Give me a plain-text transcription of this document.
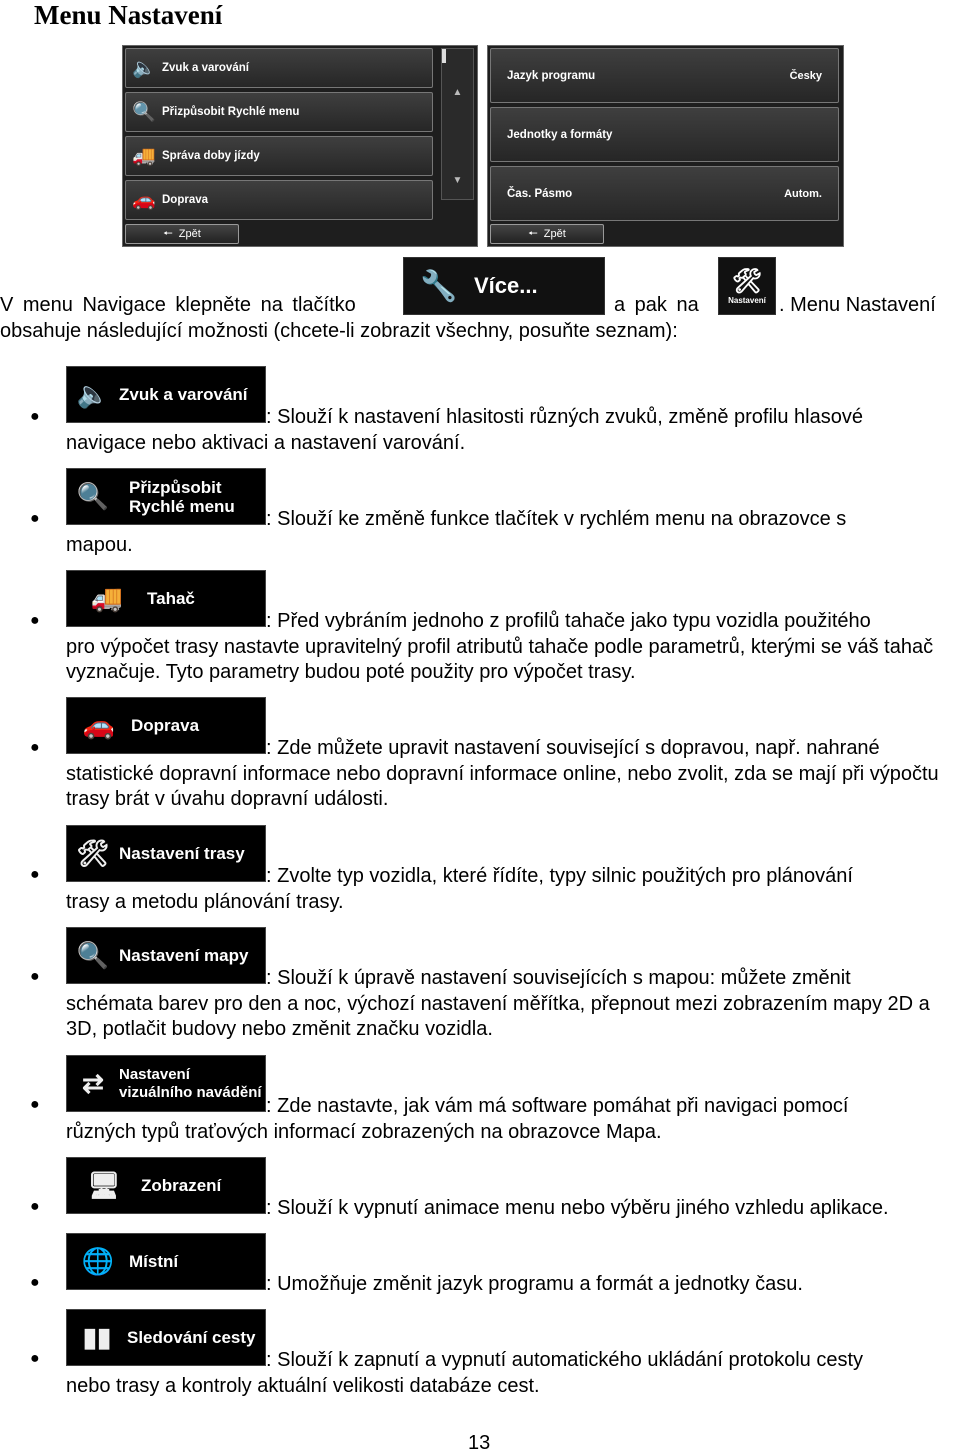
Menu Nastavení
🔈 Zvuk a varování
🔍 Přizpůsobit Rychlé menu
🚚 Správa doby jízdy
🚗 Doprava
▲
▼
🠔 Zpět
Jazyk programu	Česky
Jednotky a formáty
Čas. Pásmo	Autom.
🠔 Zpět
V menu Navigace klepněte na tlačítko	a pak na	. Menu Nastavení
🔧 Více...	🛠
Nastavení
obsahuje následující možnosti (chcete-li zobrazit všechny, posuňte seznam):
●
🔈 Zvuk a varování
: Slouží k nastavení hlasitosti různých zvuků, změně profilu hlasové
navigace nebo aktivaci a nastavení varování.
●
🔍	Přizpůsobit Rychlé menu
: Slouží ke změně funkce tlačítek v rychlém menu na obrazovce s
mapou.
●
🚚	Tahač
: Před vybráním jednoho z profilů tahače jako typu vozidla použitého
pro výpočet trasy nastavte upravitelný profil atributů tahače podle parametrů, kterými se váš tahač vyznačuje. Tyto parametry budou poté použity pro výpočet trasy.
●
🚗 Doprava
: Zde můžete upravit nastavení související s dopravou, např. nahrané
statistické dopravní informace nebo dopravní informace online, nebo zvolit, zda se mají při výpočtu trasy brát v úvahu dopravní události.
●
🛠 Nastavení trasy
: Zvolte typ vozidla, které řídíte, typy silnic použitých pro plánování
trasy a metodu plánování trasy.
●
🔍 Nastavení mapy
: Slouží k úpravě nastavení souvisejících s mapou: můžete změnit
schémata barev pro den a noc, výchozí nastavení měřítka, přepnout mezi zobrazením mapy 2D a 3D, potlačit budovy nebo změnit značku vozidla.
●
⇄	Nastavení vizuálního navádění
: Zde nastavte, jak vám má software pomáhat při navigaci pomocí
různých typů traťových informací zobrazených na obrazovce Mapa.
●
🖥	Zobrazení
: Slouží k vypnutí animace menu nebo výběru jiného vzhledu aplikace.
●
🌐 Místní
: Umožňuje změnit jazyk programu a formát a jednotky času.
●
▮▮ Sledování cesty
: Slouží k zapnutí a vypnutí automatického ukládání protokolu cesty
nebo trasy a kontroly aktuální velikosti databáze cest.
13
